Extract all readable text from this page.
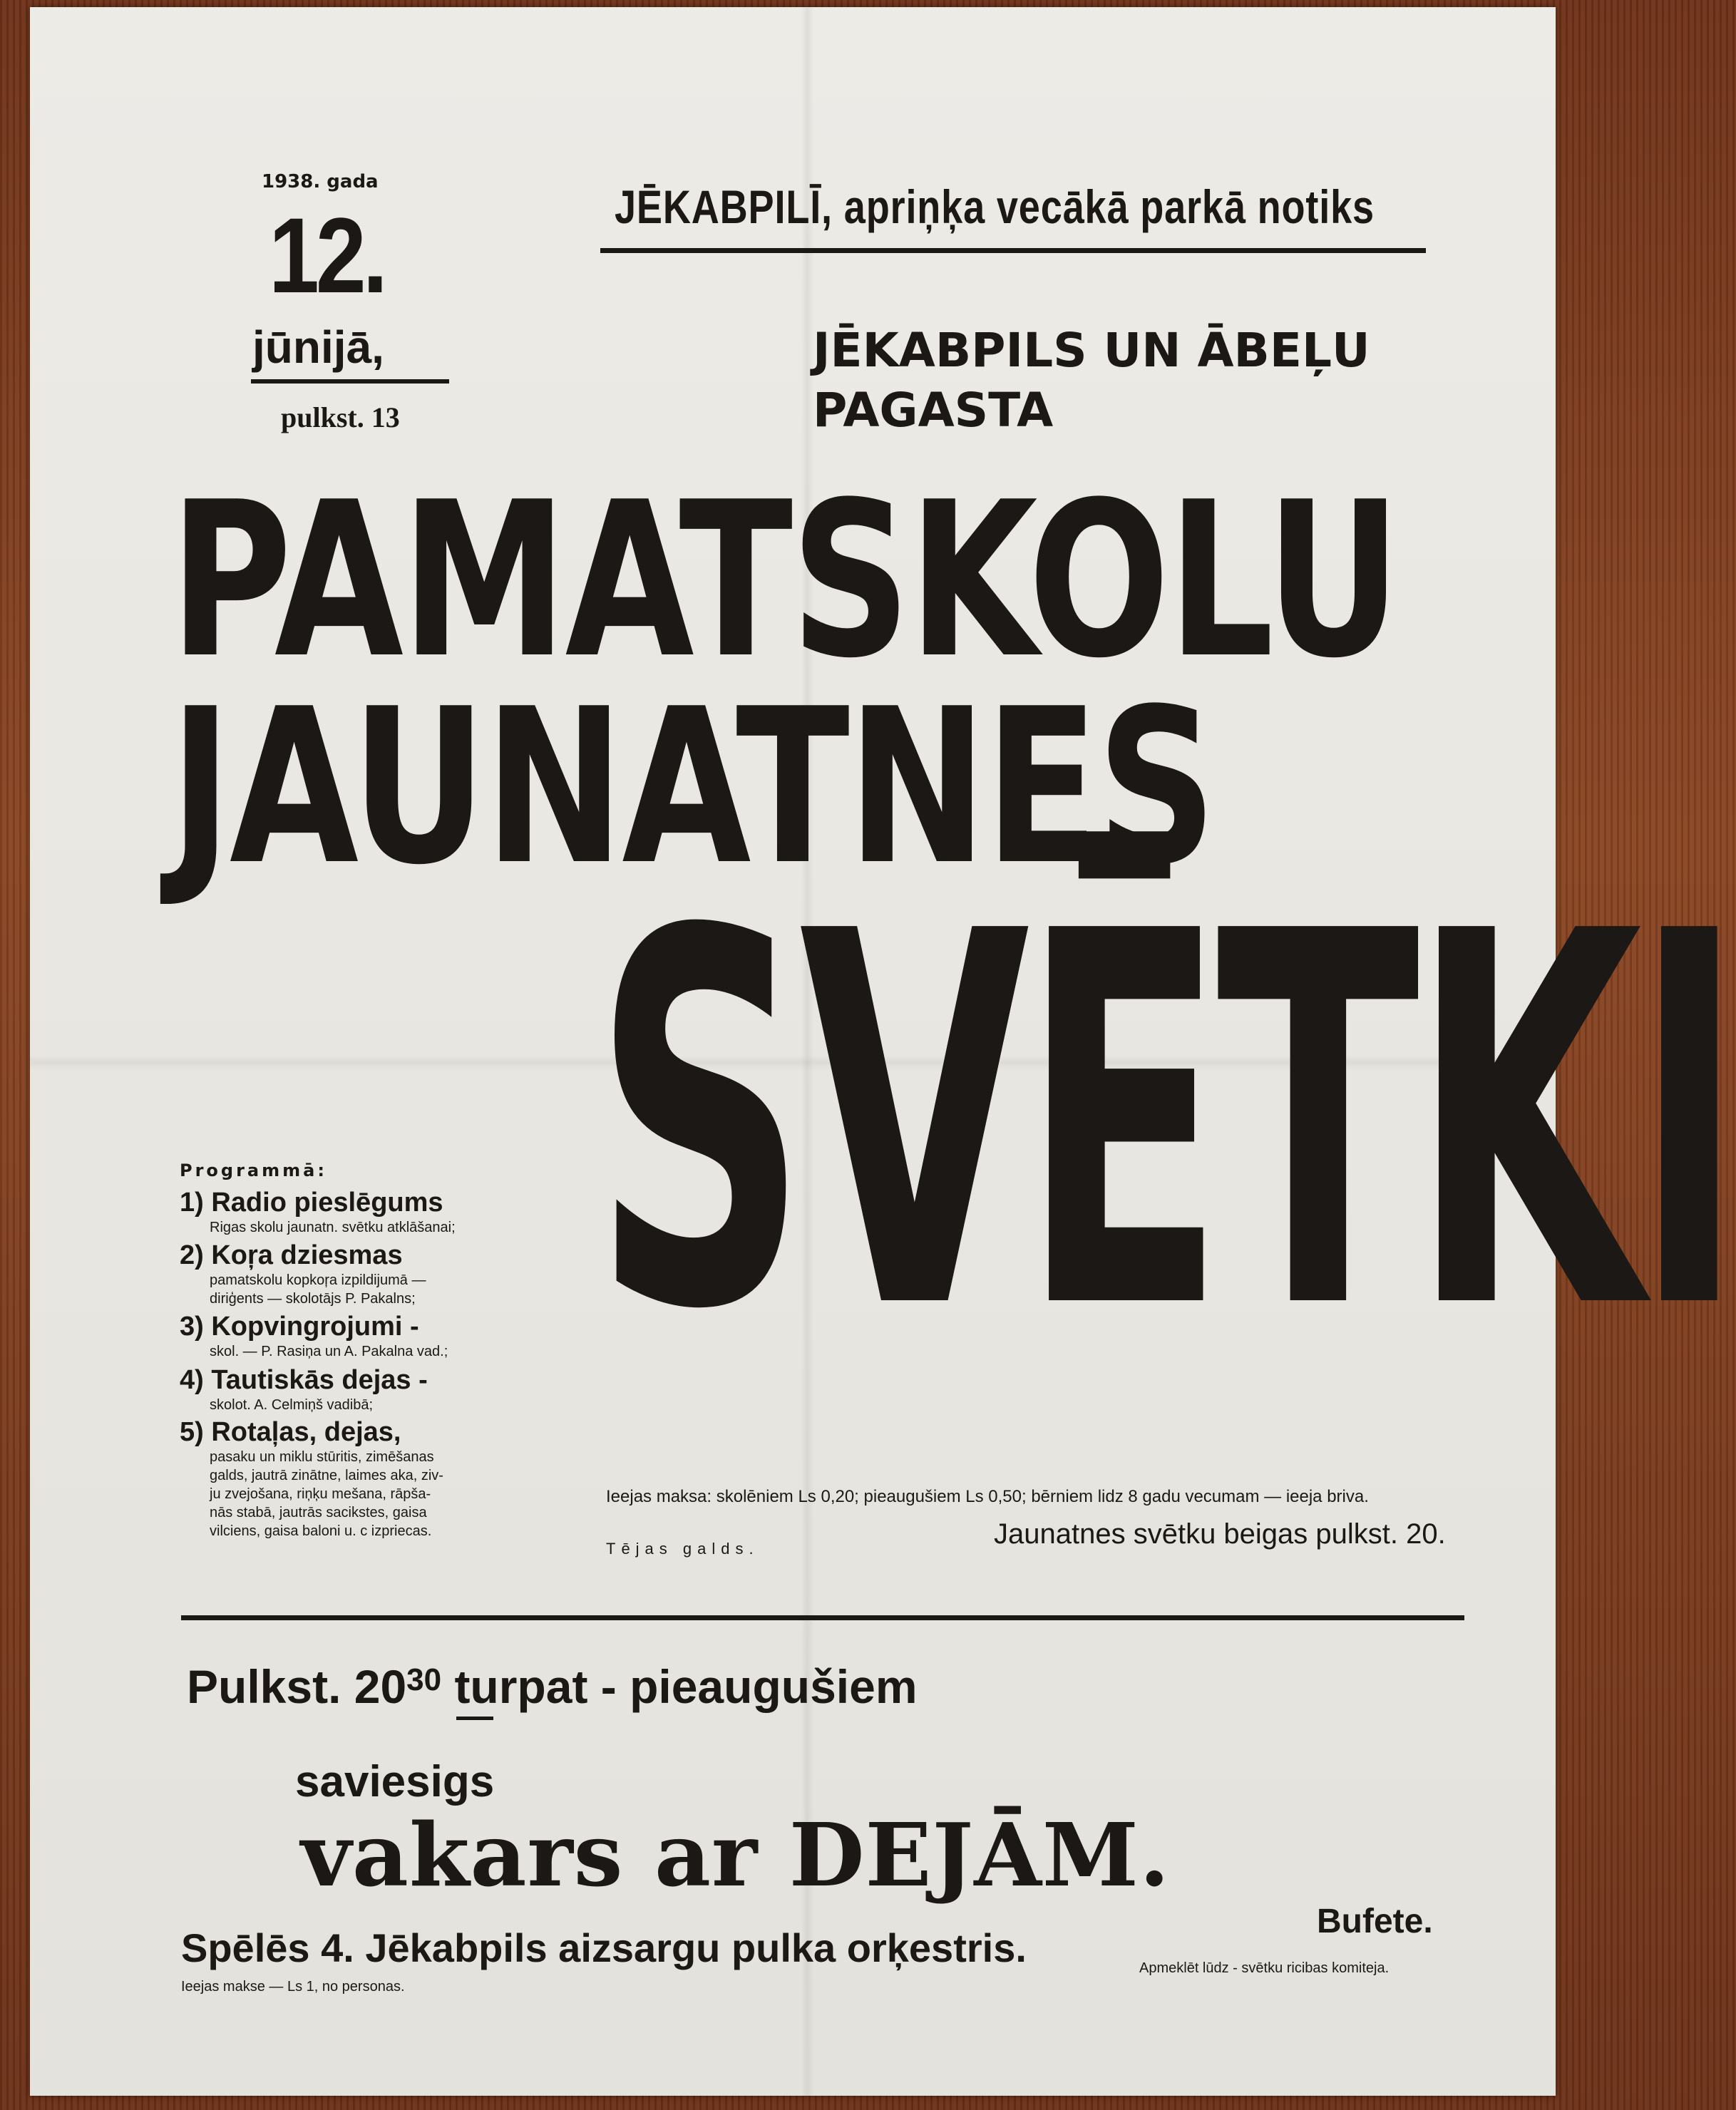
1938. gada
12.
jūnijā,
pulkst. 13
JĒKABPILĪ, apriņķa vecākā parkā notiks
JĒKABPILS UN ĀBEĻU
PAGASTA
PAMATSKOLU
JAUNATNES
SVĒTKI
Programmā:
1) Radio pieslēgums
Rigas skolu jaunatn. svētku atklāšanai;
2) Koŗa dziesmas
pamatskolu kopkoŗa izpildijumā —
diriģents — skolotājs P. Pakalns;
3) Kopvingrojumi -
skol. — P. Rasiņa un A. Pakalna vad.;
4) Tautiskās dejas -
skolot. A. Celmiņš vadibā;
5) Rotaļas, dejas,
pasaku un miklu stūritis, zimēšanas
galds, jautrā zinātne, laimes aka, ziv-
ju zvejošana, riņķu mešana, rāpša-
nās stabā, jautrās sacikstes, gaisa
vilciens, gaisa baloni u. c izpriecas.
Ieejas maksa: skolēniem Ls 0,20; pieaugušiem Ls 0,50; bērniem lidz 8 gadu vecumam — ieeja briva.
Tējas galds.	Jaunatnes svētku beigas pulkst. 20.
Pulkst. $20^{30}$ turpat - pieaugušiem
saviesigs
vakars ar DEJĀM.
Spēlēs 4. Jēkabpils aizsargu pulka orķestris.
Bufete.
Apmeklēt lūdz - svētku ricibas komiteja.
Ieejas makse — Ls 1, no personas.
